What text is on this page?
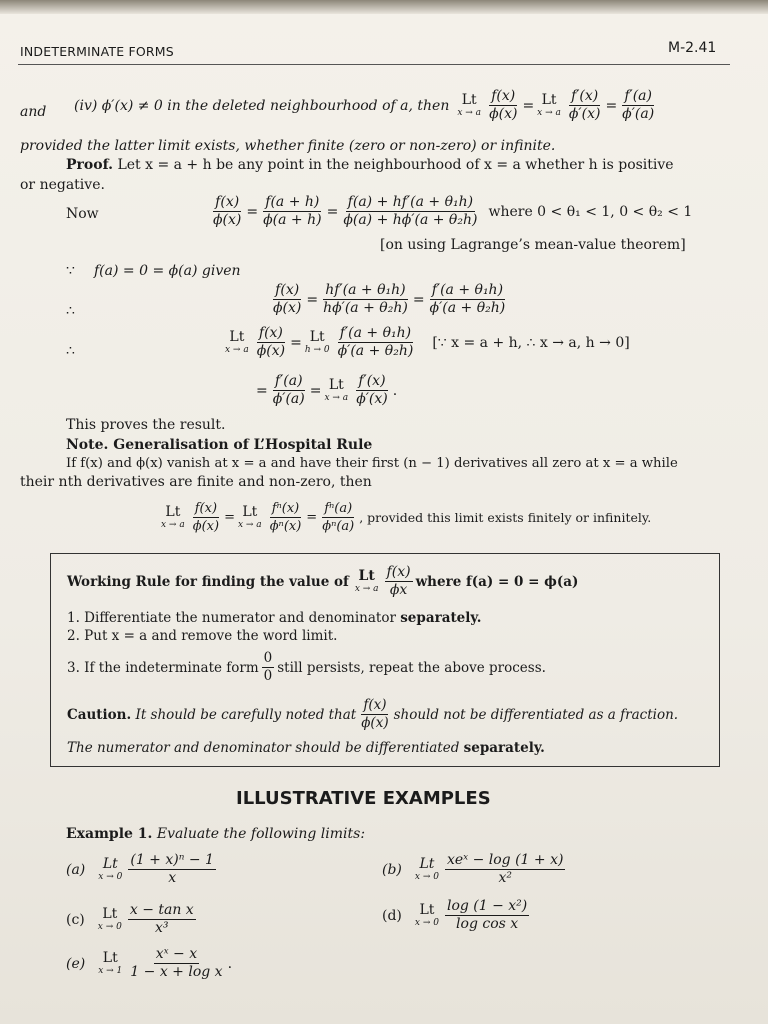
INDETERMINATE FORMS	M-2.41
and (iv) ϕ′(x) ≠ 0 in the deleted neighbourhood of a, then Lt
x → a $\frac{f(x)}{\phi(x)} = Lt$
x → a $\frac{f'(x)}{\phi'(x)} = \frac{f'(a)}{\phi'(a)}$
provided the latter limit exists, whether finite (zero or non-zero) or infinite.
Proof. Let x = a + h be any point in the neighbourhood of x = a whether h is positive
or negative.
Now	$\frac{f(x)}{\phi(x)} = \frac{f(a + h)}{\phi(a + h)} = \frac{\text{f(a) + hf′(a + θ₁h)}}{\text{ϕ(a) + hϕ′(a + θ₂h)}}$ where 0 < θ₁ < 1, 0 < θ₂ < 1
[on using Lagrange’s mean-value theorem]
∵ f(a) = 0 = ϕ(a) given
∴	$\frac{f(x)}{\phi(x)} = \frac{\text{hf′(a + θ₁h)}}{\text{hϕ′(a + θ₂h)}} = \frac{\text{f′(a + θ₁h)}}{\text{ϕ′(a + θ₂h)}}$
∴
Lt
x → a $\frac{f(x)}{\phi(x)} = Lt$
$h \to 0 \frac{\text{f′(a + θ₁h)}}{\text{ϕ′(a + θ₂h)}}$ [∵ x = a + h, ∴ x → a, h → 0]
= $\frac{f'(a)}{\phi'(a)} = Lt$
x → a $\frac{f'(x)}{\phi'(x)}$ .
This proves the result.
Note. Generalisation of L’Hospital Rule
If f(x) and ϕ(x) vanish at x = a and have their first (n − 1) derivatives all zero at x = a while
their nth derivatives are finite and non-zero, then
Lt
x → a $\frac{f(x)}{\phi(x)} = Lt$
x → a $\frac{\text{fⁿ(x)}}{\text{ϕⁿ(x)}} = \frac{\text{fⁿ(a)}}{\text{ϕⁿ(a)}}$ , provided this limit exists finitely or infinitely.
Working Rule for finding the value of Lt
x → a $\frac{f(x)}{\phi x}$ where f(a) = 0 = ϕ(a)
1. Differentiate the numerator and denominator separately.
2. Put x = a and remove the word limit.
3. If the indeterminate form $\frac{0}{0}$ still persists, repeat the above process.
Caution.
It should be carefully noted that $\frac{f(x)}{\phi(x)}$ should not be differentiated as a fraction.
The numerator and denominator should be differentiated separately.
ILLUSTRATIVE EXAMPLES
Example 1. Evaluate the following limits:
(a) Lt
$x \to 0 \frac{\text{(1 + x)ⁿ − 1}}{x}$	(b) Lt
$x \to 0 \frac{\text{xeˣ − log (1 + x)}}{\text{x²}}$
(c) Lt
$x \to 0 \frac{\text{x − tan x}}{\text{x³}}$	(d) Lt
$x \to 0 \frac{\text{log (1 − x²)}}{\text{log cos x}}$
(e) Lt
$x \to 1 \frac{\text{xˣ − x}}{\text{1 − x + log x}}$ .
